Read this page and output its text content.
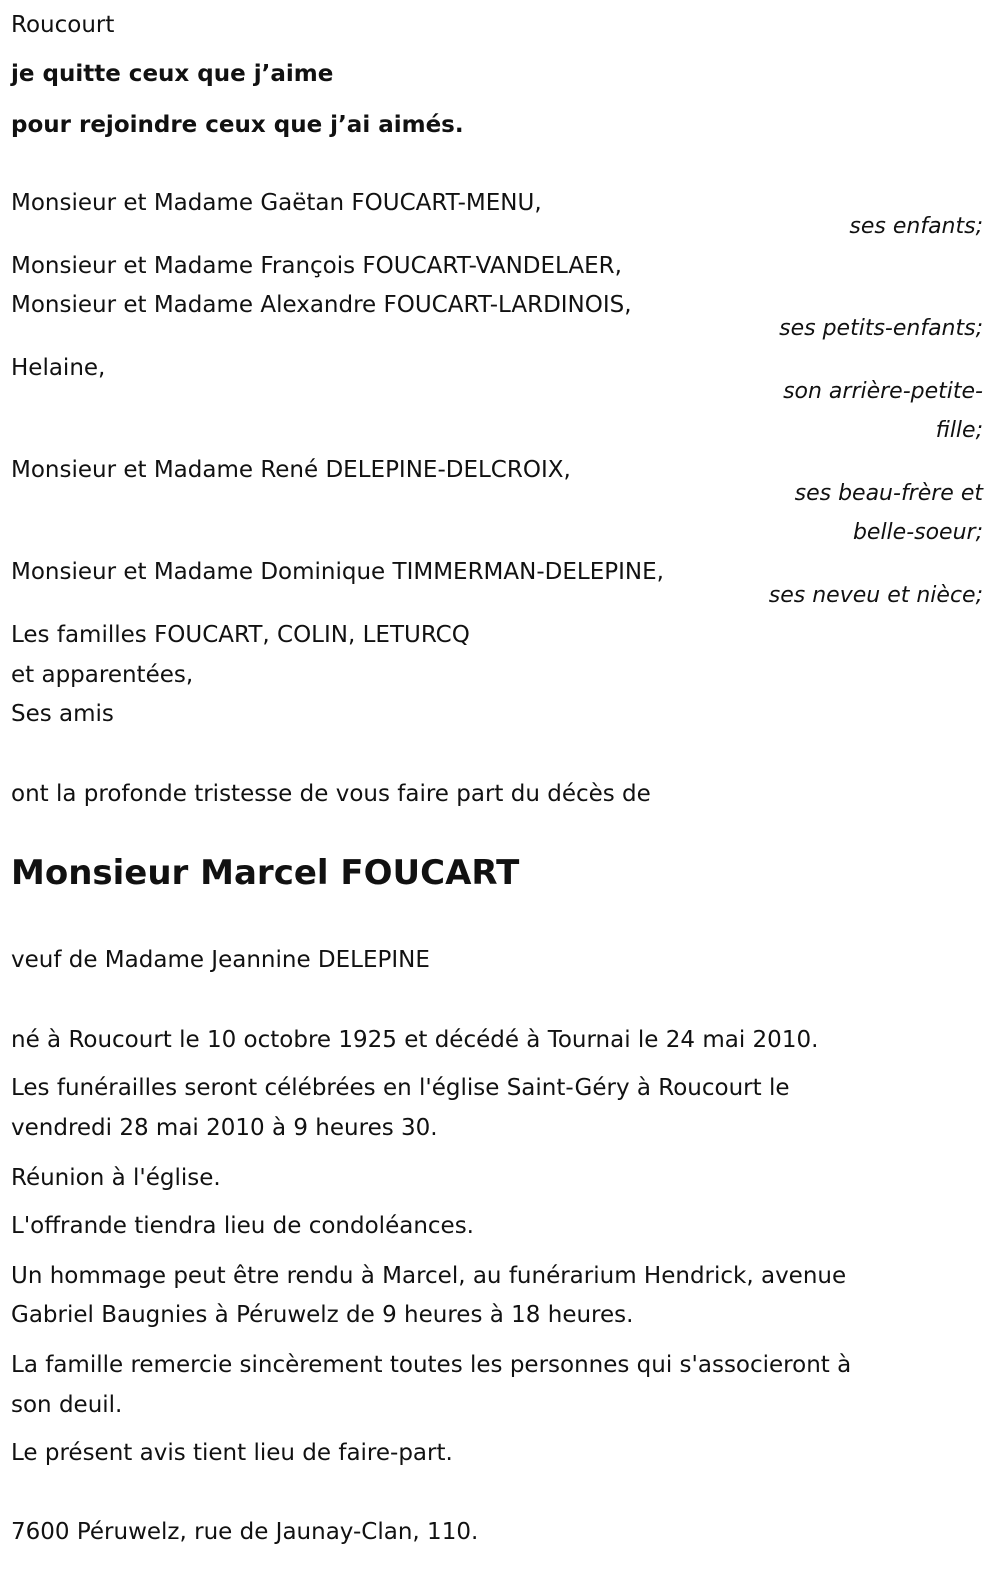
Roucourt
je quitte ceux que j’aime
pour rejoindre ceux que j’ai aimés.
Monsieur et Madame Gaëtan FOUCART-MENU,
ses enfants;
Monsieur et Madame François FOUCART-VANDELAER,
Monsieur et Madame Alexandre FOUCART-LARDINOIS,
ses petits-enfants;
Helaine,
son arrière-petite-
fille;
Monsieur et Madame René DELEPINE-DELCROIX,
ses beau-frère et
belle-soeur;
Monsieur et Madame Dominique TIMMERMAN-DELEPINE,
ses neveu et nièce;
Les familles FOUCART, COLIN, LETURCQ
et apparentées,
Ses amis
ont la profonde tristesse de vous faire part du décès de
Monsieur Marcel FOUCART
veuf de Madame Jeannine DELEPINE
né à Roucourt le 10 octobre 1925 et décédé à Tournai le 24 mai 2010.
Les funérailles seront célébrées en l'église Saint-Géry à Roucourt le
vendredi 28 mai 2010 à 9 heures 30.
Réunion à l'église.
L'offrande tiendra lieu de condoléances.
Un hommage peut être rendu à Marcel, au funérarium Hendrick, avenue
Gabriel Baugnies à Péruwelz de 9 heures à 18 heures.
La famille remercie sincèrement toutes les personnes qui s'associeront à
son deuil.
Le présent avis tient lieu de faire-part.
7600 Péruwelz, rue de Jaunay-Clan, 110.
